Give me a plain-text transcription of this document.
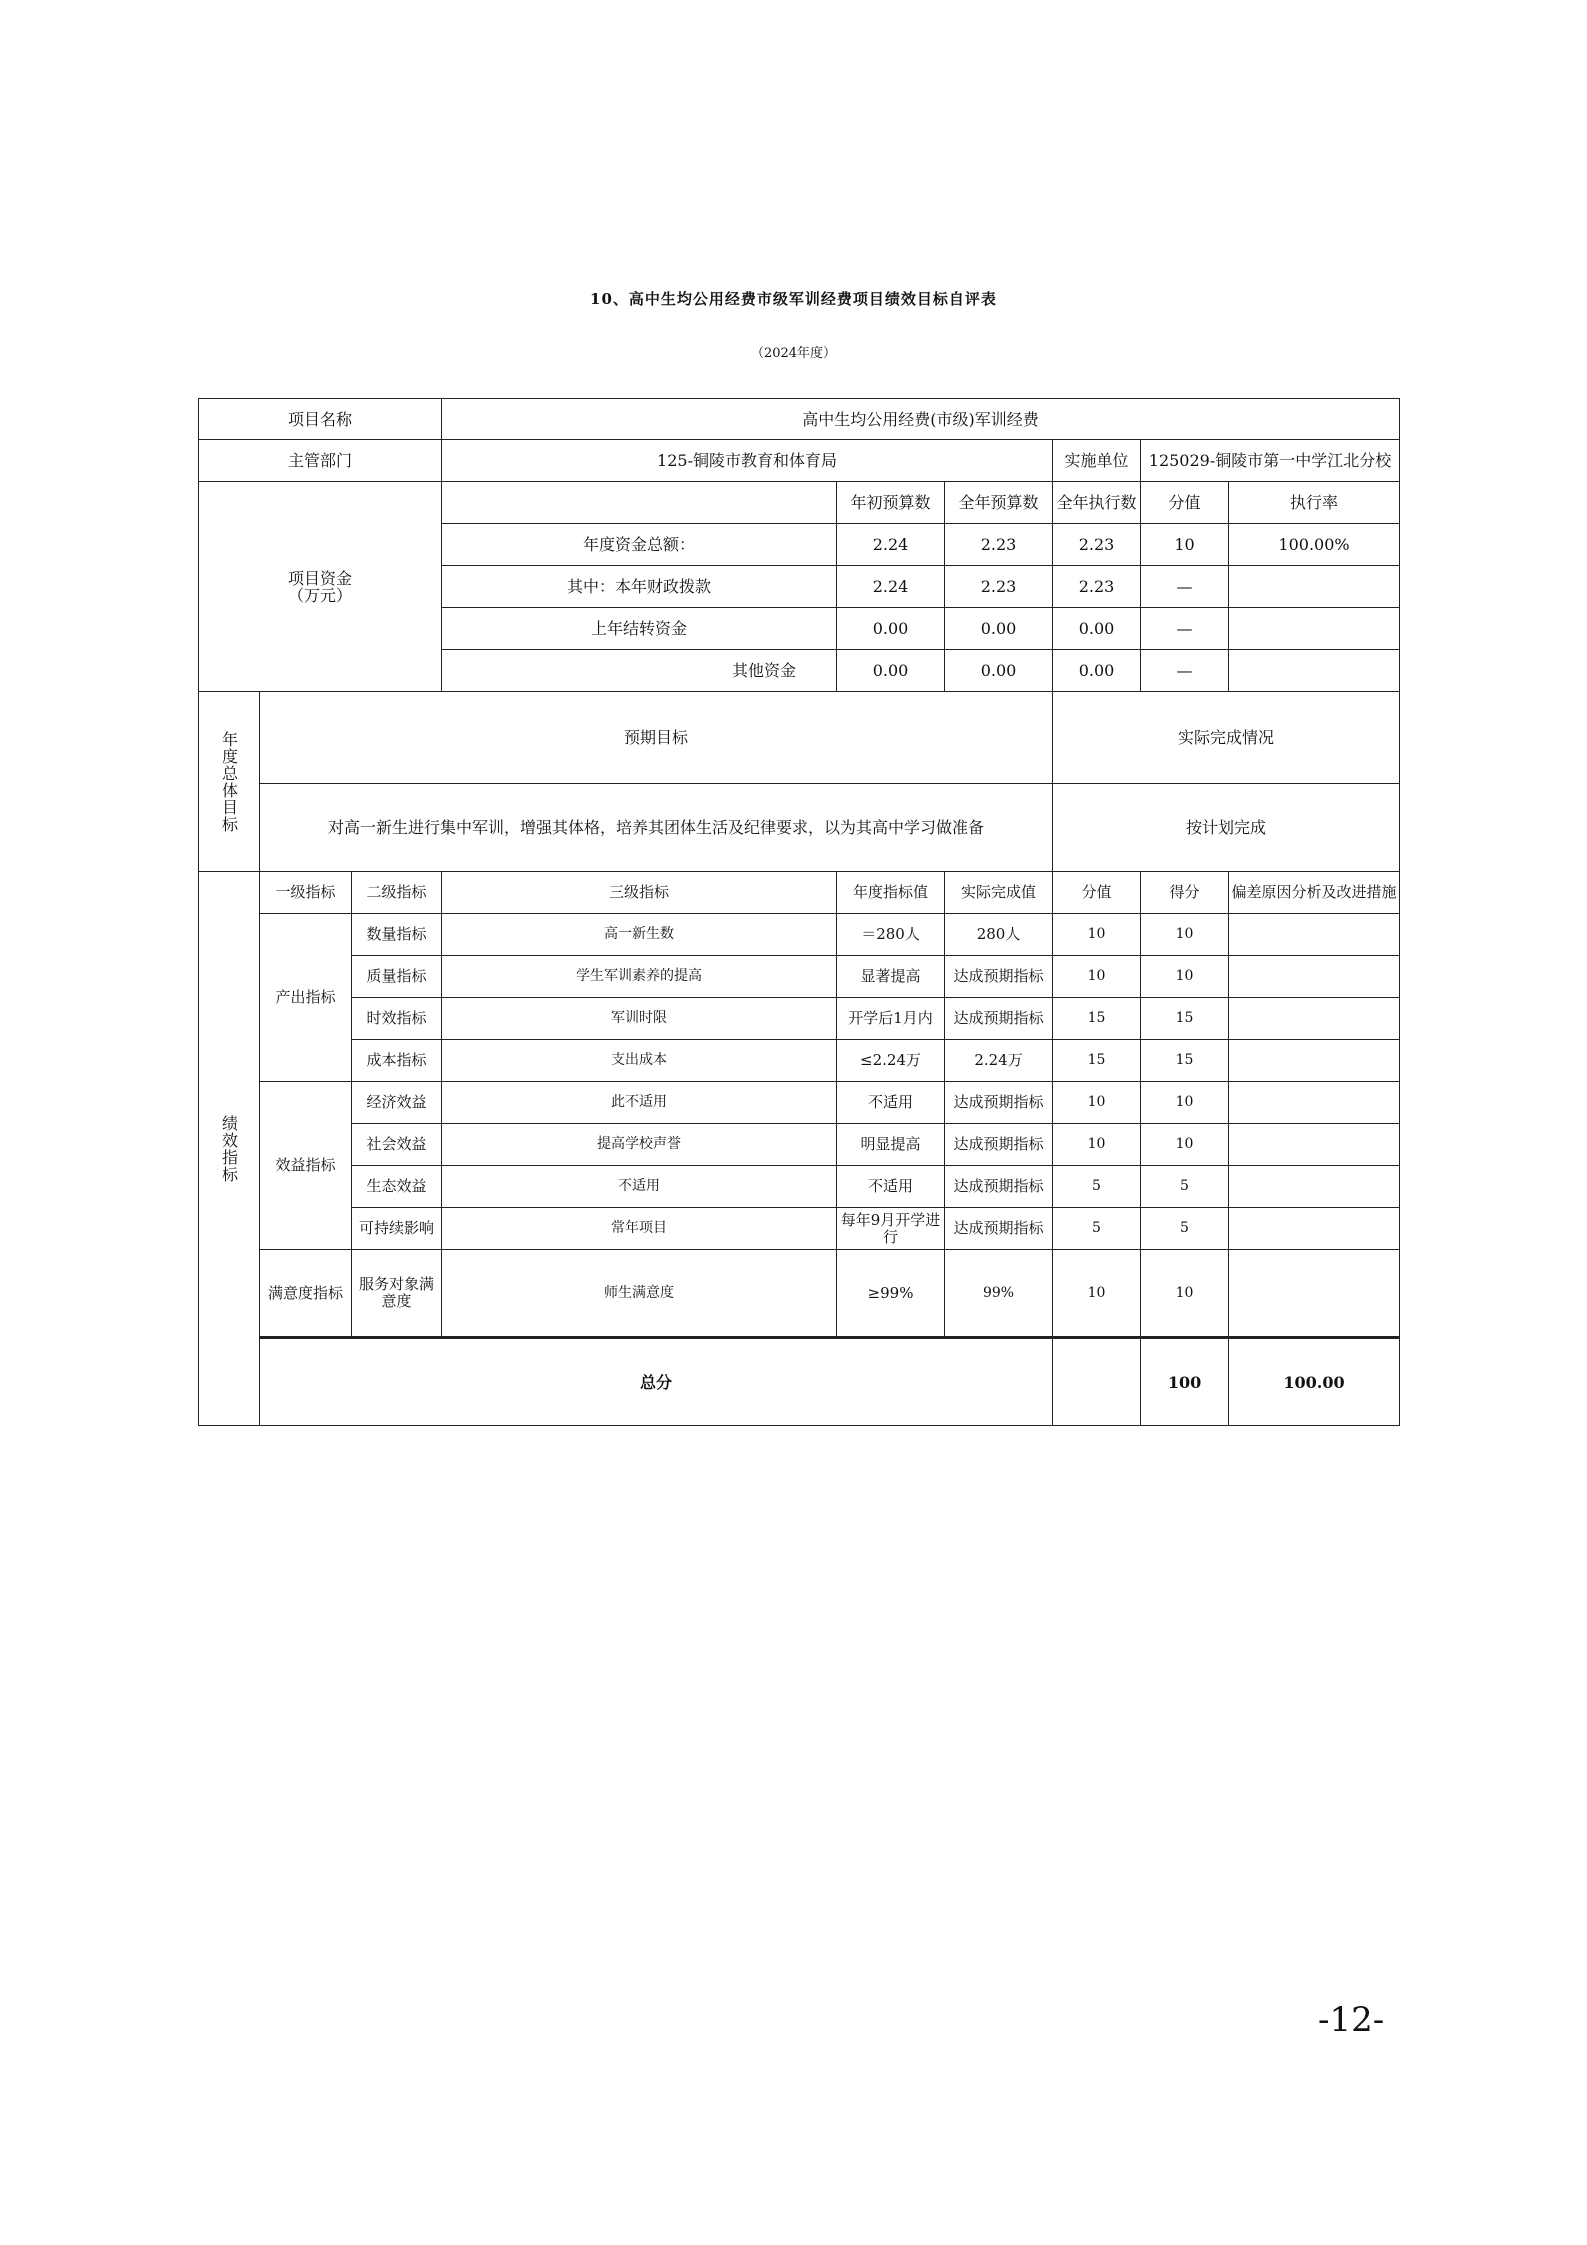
10、高中生均公用经费市级军训经费项目绩效目标自评表
（2024年度）
项目名称			高中生均公用经费(市级)军训经费						
主管部门			125-铜陵市教育和体育局			实施单位	125029-铜陵市第一中学江北分校		
项目资金
（万元）				年初预算数	全年预算数	全年执行数	分值	执行率	
			年度资金总额：	2.24	2.23	2.23	10	100.00%	
			其中：本年财政拨款	2.24	2.23	2.23	—		
			上年结转资金	0.00	0.00	0.00	—		
			其他资金	0.00	0.00	0.00	—		

年度总体目标	预期目标					实际完成情况			
	对高一新生进行集中军训，增强其体格，培养其团体生活及纪律要求，以为其高中学习做准备					按计划完成			

绩效指标	一级指标	二级指标	三级指标	年度指标值	实际完成值	分值	得分	偏差原因分析及改进措施	
	产出指标	数量指标	高一新生数	＝280人	280人	10	10		
		质量指标	学生军训素养的提高	显著提高	达成预期指标	10	10		
		时效指标	军训时限	开学后1月内	达成预期指标	15	15		
		成本指标	支出成本	≤2.24万	2.24万	15	15		
	效益指标	经济效益	此不适用	不适用	达成预期指标	10	10		
		社会效益	提高学校声誉	明显提高	达成预期指标	10	10		
		生态效益	不适用	不适用	达成预期指标	5	5		
		可持续影响	常年项目	每年9月开学进行	达成预期指标	5	5		
	满意度指标	服务对象满意度	师生满意度	≥99%	99%	10	10		
	总分						100	100.00	
-12-
